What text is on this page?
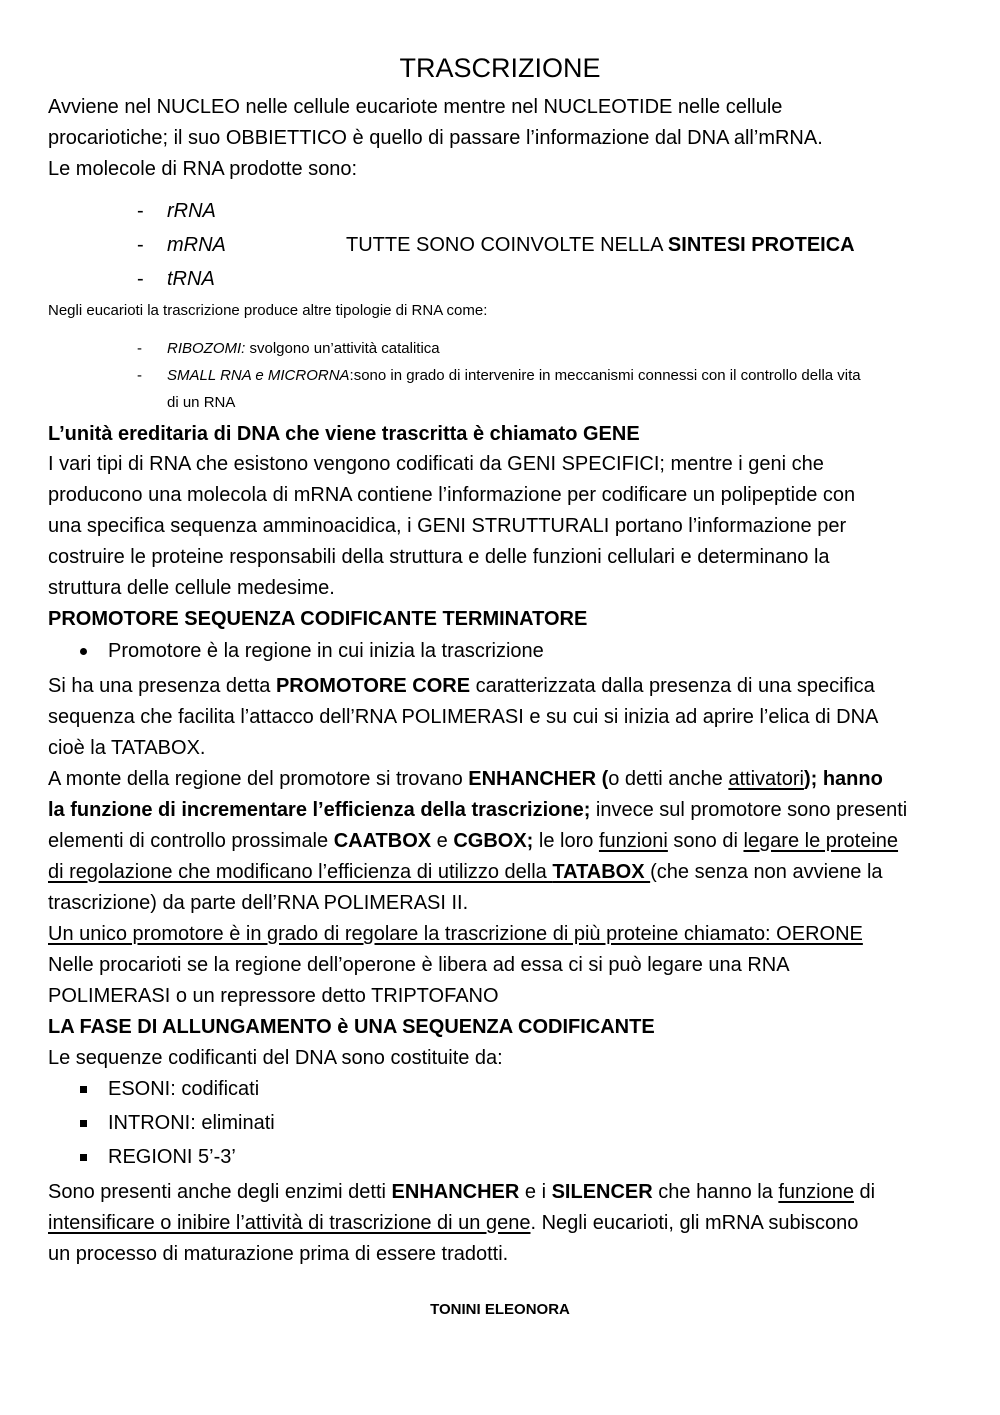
TRASCRIZIONE
Avviene nel NUCLEO nelle cellule eucariote mentre nel NUCLEOTIDE nelle cellule
procariotiche; il suo OBBIETTICO è quello di passare l’informazione dal DNA all’mRNA.
Le molecole di RNA prodotte sono:
- rRNA
- mRNA	TUTTE SONO COINVOLTE NELLA SINTESI PROTEICA
- tRNA
Negli eucarioti la trascrizione produce altre tipologie di RNA come:
- RIBOZOMI: svolgono un’attività catalitica
- SMALL RNA e MICRORNA:sono in grado di intervenire in meccanismi connessi con il controllo della vita
di un RNA
L’unità ereditaria di DNA che viene trascritta è chiamato GENE
I vari tipi di RNA che esistono vengono codificati da GENI SPECIFICI; mentre i geni che
producono una molecola di mRNA contiene l’informazione per codificare un polipeptide con
una specifica sequenza amminoacidica, i GENI STRUTTURALI portano l’informazione per
costruire le proteine responsabili della struttura e delle funzioni cellulari e determinano la
struttura delle cellule medesime.
PROMOTORE SEQUENZA CODIFICANTE TERMINATORE
Promotore è la regione in cui inizia la trascrizione
Si ha una presenza detta PROMOTORE CORE caratterizzata dalla presenza di una specifica
sequenza che facilita l’attacco dell’RNA POLIMERASI e su cui si inizia ad aprire l’elica di DNA
cioè la TATABOX.
A monte della regione del promotore si trovano ENHANCHER (o detti anche attivatori); hanno
la funzione di incrementare l’efficienza della trascrizione; invece sul promotore sono presenti
elementi di controllo prossimale CAATBOX e CGBOX; le loro funzioni sono di legare le proteine
di regolazione che modificano l’efficienza di utilizzo della TATABOX (che senza non avviene la
trascrizione) da parte dell’RNA POLIMERASI II.
Un unico promotore è in grado di regolare la trascrizione di più proteine chiamato: OERONE
Nelle procarioti se la regione dell’operone è libera ad essa ci si può legare una RNA
POLIMERASI o un repressore detto TRIPTOFANO
LA FASE DI ALLUNGAMENTO è UNA SEQUENZA CODIFICANTE
Le sequenze codificanti del DNA sono costituite da:
ESONI: codificati
INTRONI: eliminati
REGIONI 5’-3’
Sono presenti anche degli enzimi detti ENHANCHER e i SILENCER che hanno la funzione di
intensificare o inibire l’attività di trascrizione di un gene. Negli eucarioti, gli mRNA subiscono
un processo di maturazione prima di essere tradotti.
TONINI ELEONORA
